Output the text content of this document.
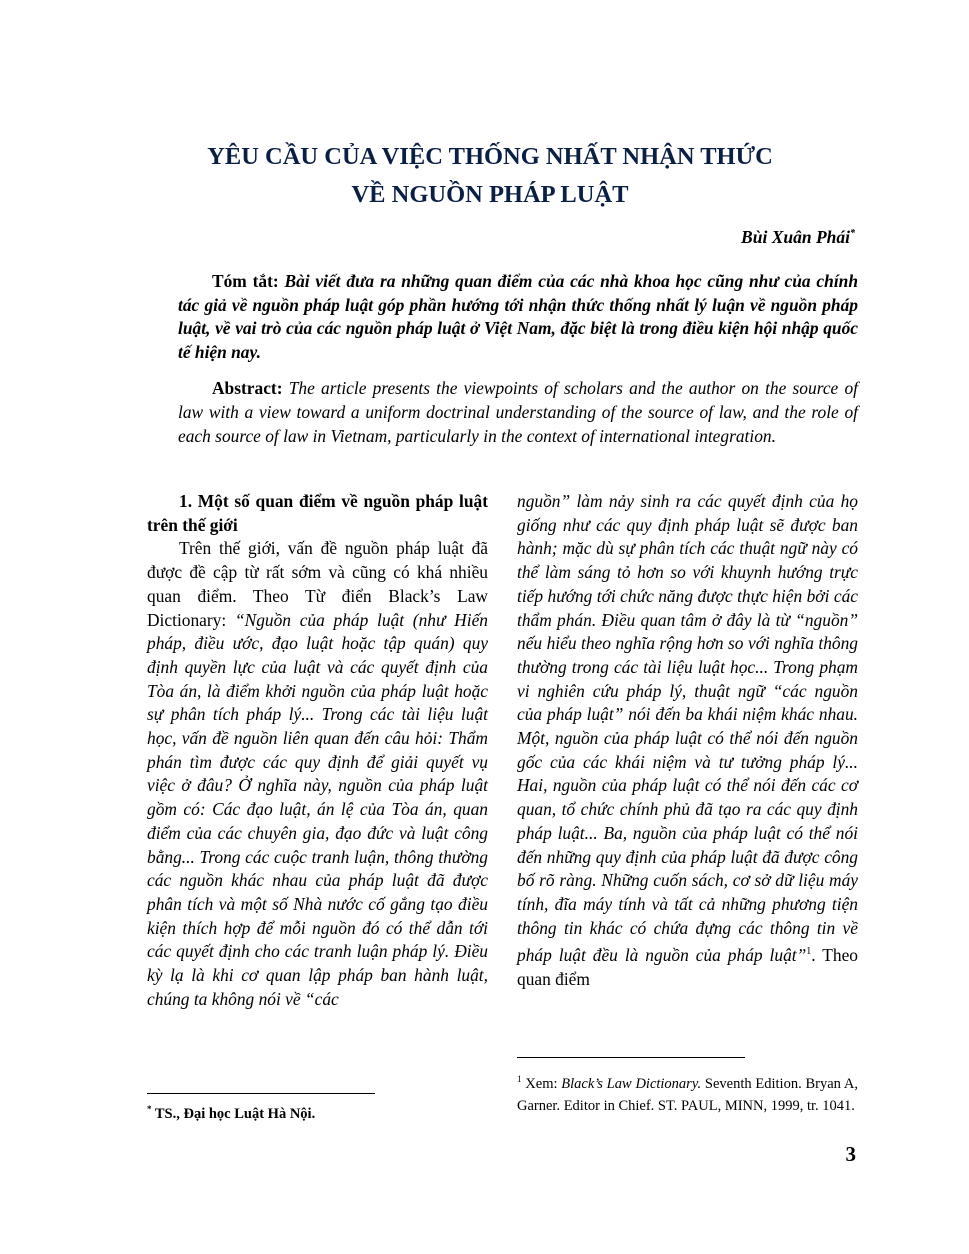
YÊU CẦU CỦA VIỆC THỐNG NHẤT NHẬN THỨC
VỀ NGUỒN PHÁP LUẬT
Bùi Xuân Phái*

Tóm tắt: Bài viết đưa ra những quan điểm của các nhà khoa học cũng như của chính tác giả về nguồn pháp luật góp phần hướng tới nhận thức thống nhất lý luận về nguồn pháp luật, về vai trò của các nguồn pháp luật ở Việt Nam, đặc biệt là trong điều kiện hội nhập quốc tế hiện nay.

Abstract: The article presents the viewpoints of scholars and the author on the source of law with a view toward a uniform doctrinal understanding of the source of law, and the role of each source of law in Vietnam, particularly in the context of international integration.

1. Một số quan điểm về nguồn pháp luật trên thế giới

Trên thế giới, vấn đề nguồn pháp luật đã được đề cập từ rất sớm và cũng có khá nhiều quan điểm. Theo Từ điển Black’s Law Dictionary: “Nguồn của pháp luật (như Hiến pháp, điều ước, đạo luật hoặc tập quán) quy định quyền lực của luật và các quyết định của Tòa án, là điểm khởi nguồn của pháp luật hoặc sự phân tích pháp lý... Trong các tài liệu luật học, vấn đề nguồn liên quan đến câu hỏi: Thẩm phán tìm được các quy định để giải quyết vụ việc ở đâu? Ở nghĩa này, nguồn của pháp luật gồm có: Các đạo luật, án lệ của Tòa án, quan điểm của các chuyên gia, đạo đức và luật công bằng... Trong các cuộc tranh luận, thông thường các nguồn khác nhau của pháp luật đã được phân tích và một số Nhà nước cố gắng tạo điều kiện thích hợp để mỗi nguồn đó có thể dẫn tới các quyết định cho các tranh luận pháp lý. Điều kỳ lạ là khi cơ quan lập pháp ban hành luật, chúng ta không nói về “các

nguồn” làm nảy sinh ra các quyết định của họ giống như các quy định pháp luật sẽ được ban hành; mặc dù sự phân tích các thuật ngữ này có thể làm sáng tỏ hơn so với khuynh hướng trực tiếp hướng tới chức năng được thực hiện bởi các thẩm phán. Điều quan tâm ở đây là từ “nguồn” nếu hiểu theo nghĩa rộng hơn so với nghĩa thông thường trong các tài liệu luật học... Trong phạm vi nghiên cứu pháp lý, thuật ngữ “các nguồn của pháp luật” nói đến ba khái niệm khác nhau. Một, nguồn của pháp luật có thể nói đến nguồn gốc của các khái niệm và tư tưởng pháp lý... Hai, nguồn của pháp luật có thể nói đến các cơ quan, tổ chức chính phủ đã tạo ra các quy định pháp luật... Ba, nguồn của pháp luật có thể nói đến những quy định của pháp luật đã được công bố rõ ràng. Những cuốn sách, cơ sở dữ liệu máy tính, đĩa máy tính và tất cả những phương tiện thông tin khác có chứa đựng các thông tin về pháp luật đều là nguồn của pháp luật”$^1$. Theo quan điểm

* TS., Đại học Luật Hà Nội.

$^1$ Xem: Black’s Law Dictionary. Seventh Edition. Bryan A, Garner. Editor in Chief. ST. PAUL, MINN, 1999, tr. 1041.

3
